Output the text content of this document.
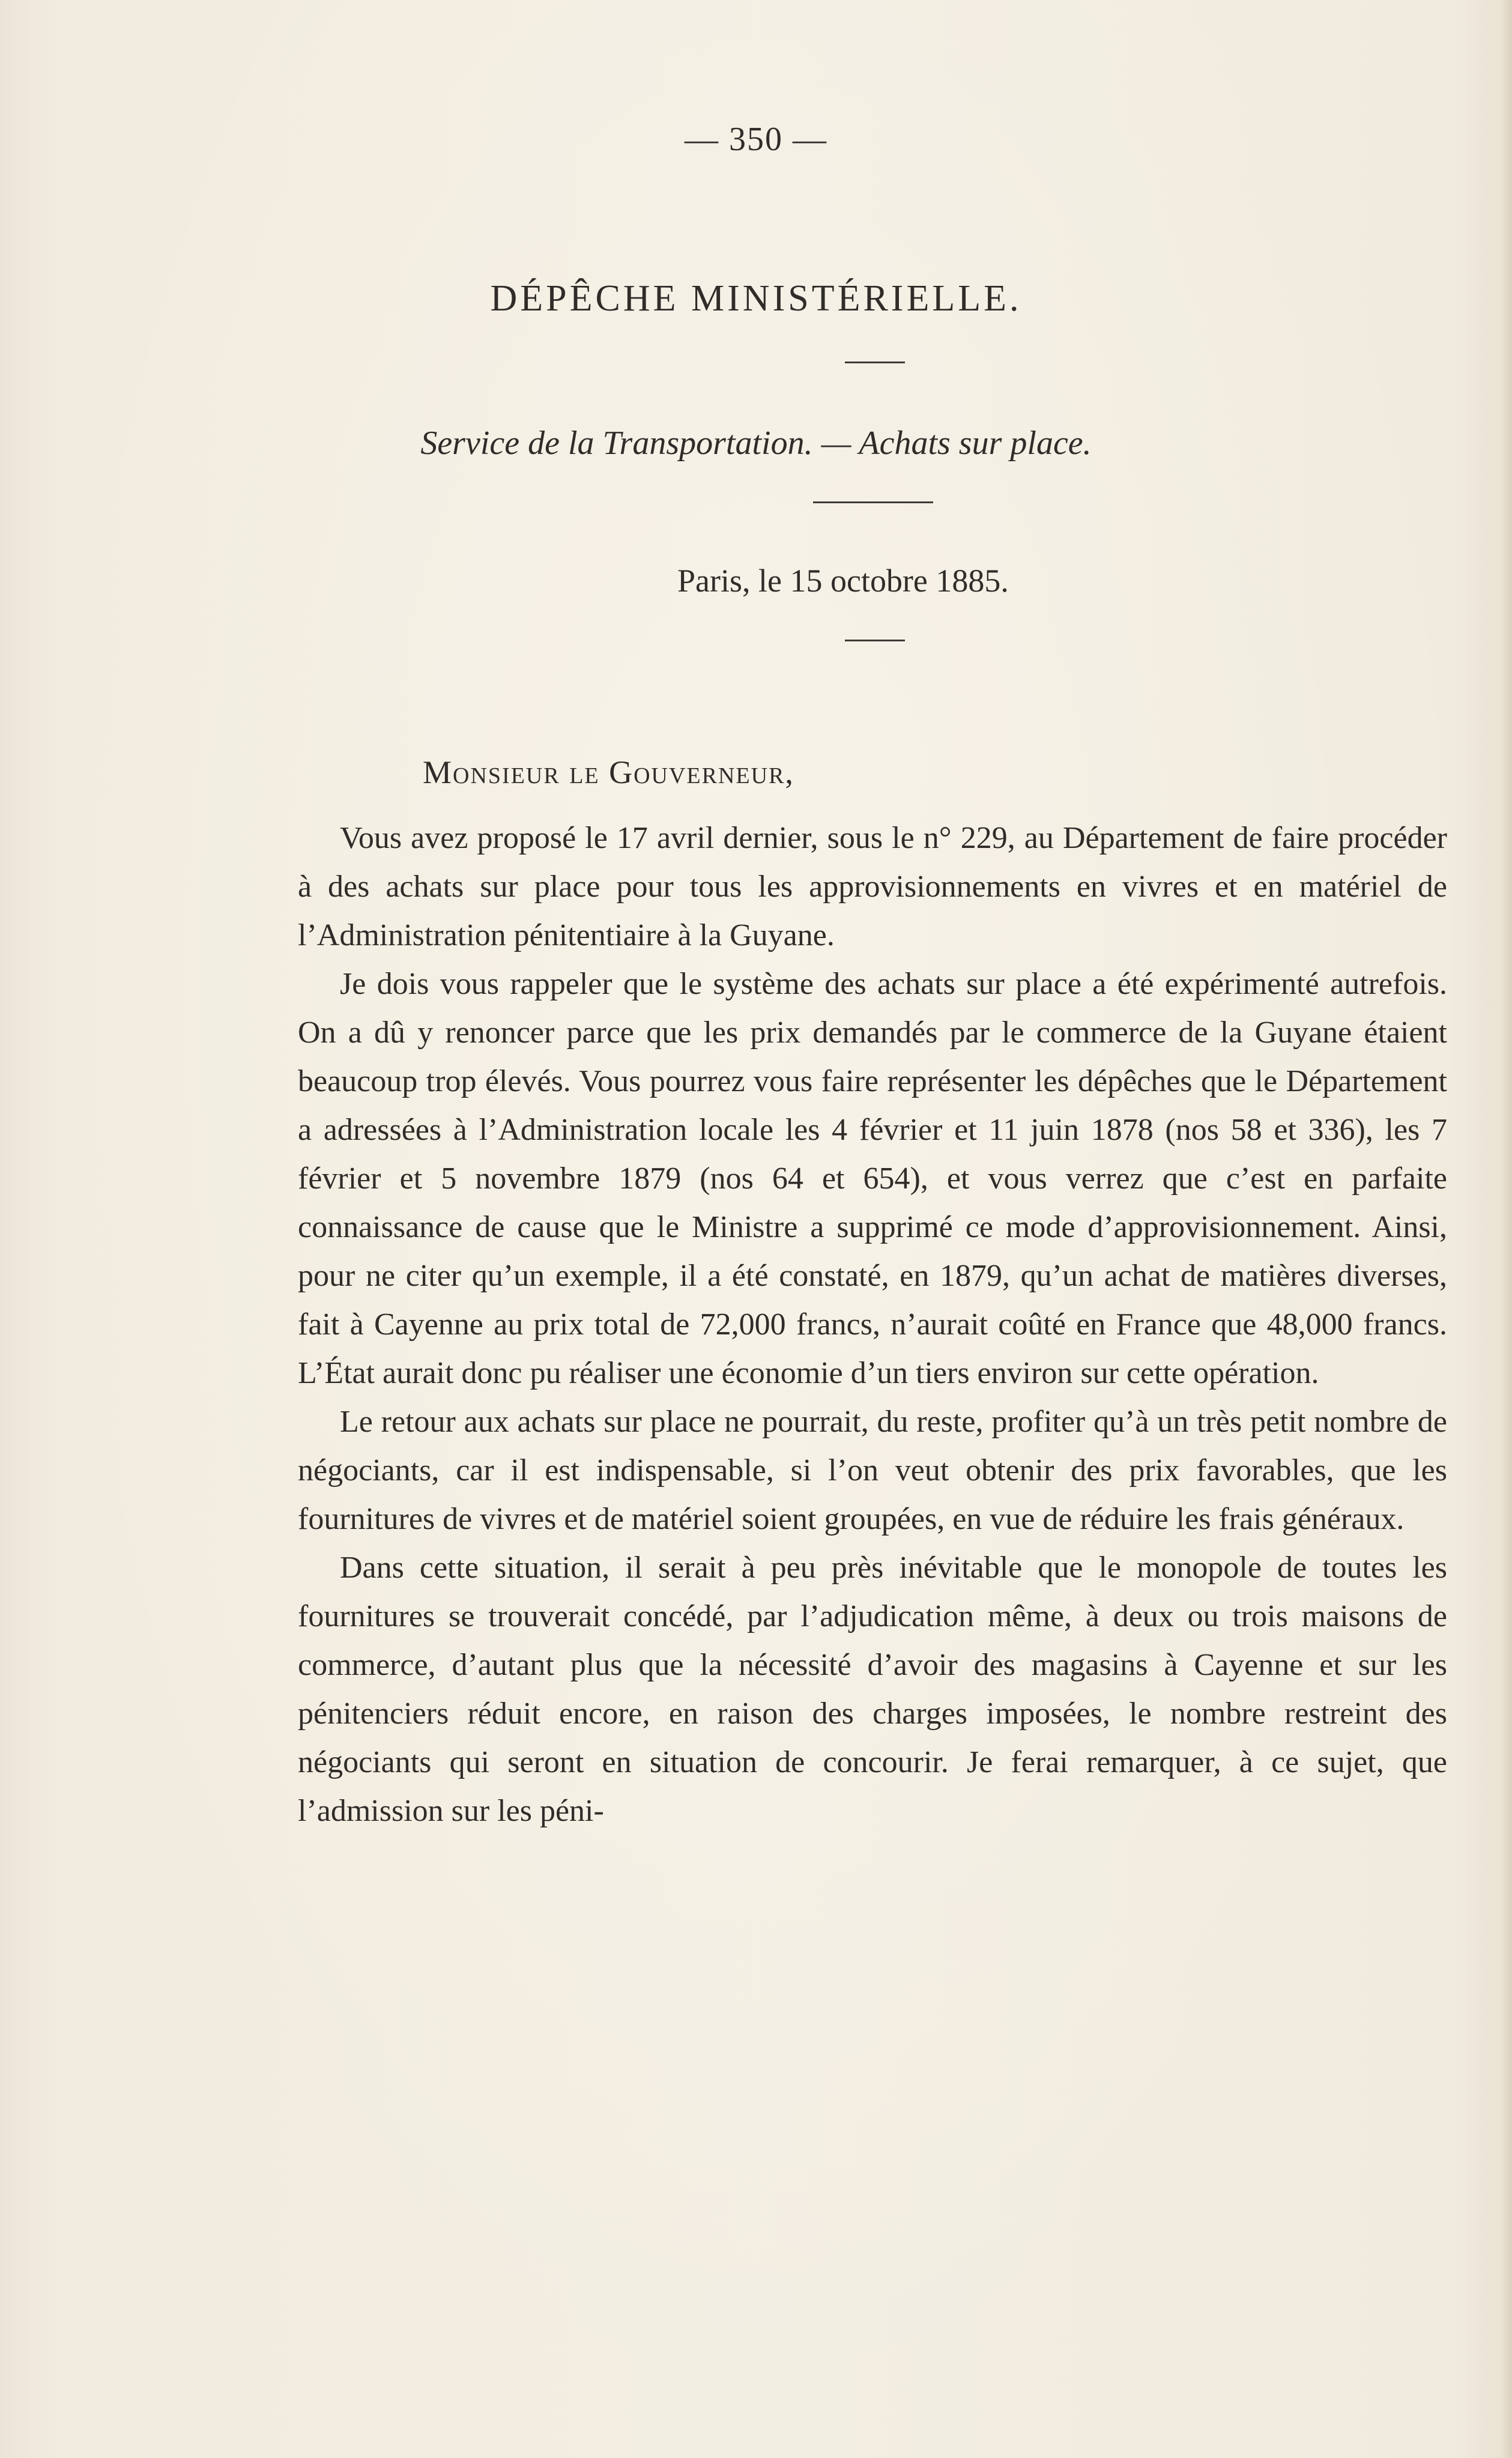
— 350 —
DÉPÊCHE MINISTÉRIELLE.
Service de la Transportation. — Achats sur place.
Paris, le 15 octobre 1885.
Monsieur le Gouverneur,

Vous avez proposé le 17 avril dernier, sous le n° 229, au Département de faire procéder à des achats sur place pour tous les approvisionnements en vivres et en matériel de l’Administration pénitentiaire à la Guyane.

Je dois vous rappeler que le système des achats sur place a été expérimenté autrefois. On a dû y renoncer parce que les prix demandés par le commerce de la Guyane étaient beaucoup trop élevés. Vous pourrez vous faire représenter les dépêches que le Département a adressées à l’Administration locale les 4 février et 11 juin 1878 (nos 58 et 336), les 7 février et 5 novembre 1879 (nos 64 et 654), et vous verrez que c’est en parfaite connaissance de cause que le Ministre a supprimé ce mode d’approvisionnement. Ainsi, pour ne citer qu’un exemple, il a été constaté, en 1879, qu’un achat de matières diverses, fait à Cayenne au prix total de 72,000 francs, n’aurait coûté en France que 48,000 francs. L’État aurait donc pu réaliser une économie d’un tiers environ sur cette opération.

Le retour aux achats sur place ne pourrait, du reste, profiter qu’à un très petit nombre de négociants, car il est indispensable, si l’on veut obtenir des prix favorables, que les fournitures de vivres et de matériel soient groupées, en vue de réduire les frais généraux.

Dans cette situation, il serait à peu près inévitable que le monopole de toutes les fournitures se trouverait concédé, par l’adjudication même, à deux ou trois maisons de commerce, d’autant plus que la nécessité d’avoir des magasins à Cayenne et sur les pénitenciers réduit encore, en raison des charges imposées, le nombre restreint des négociants qui seront en situation de concourir. Je ferai remarquer, à ce sujet, que l’admission sur les péni-
